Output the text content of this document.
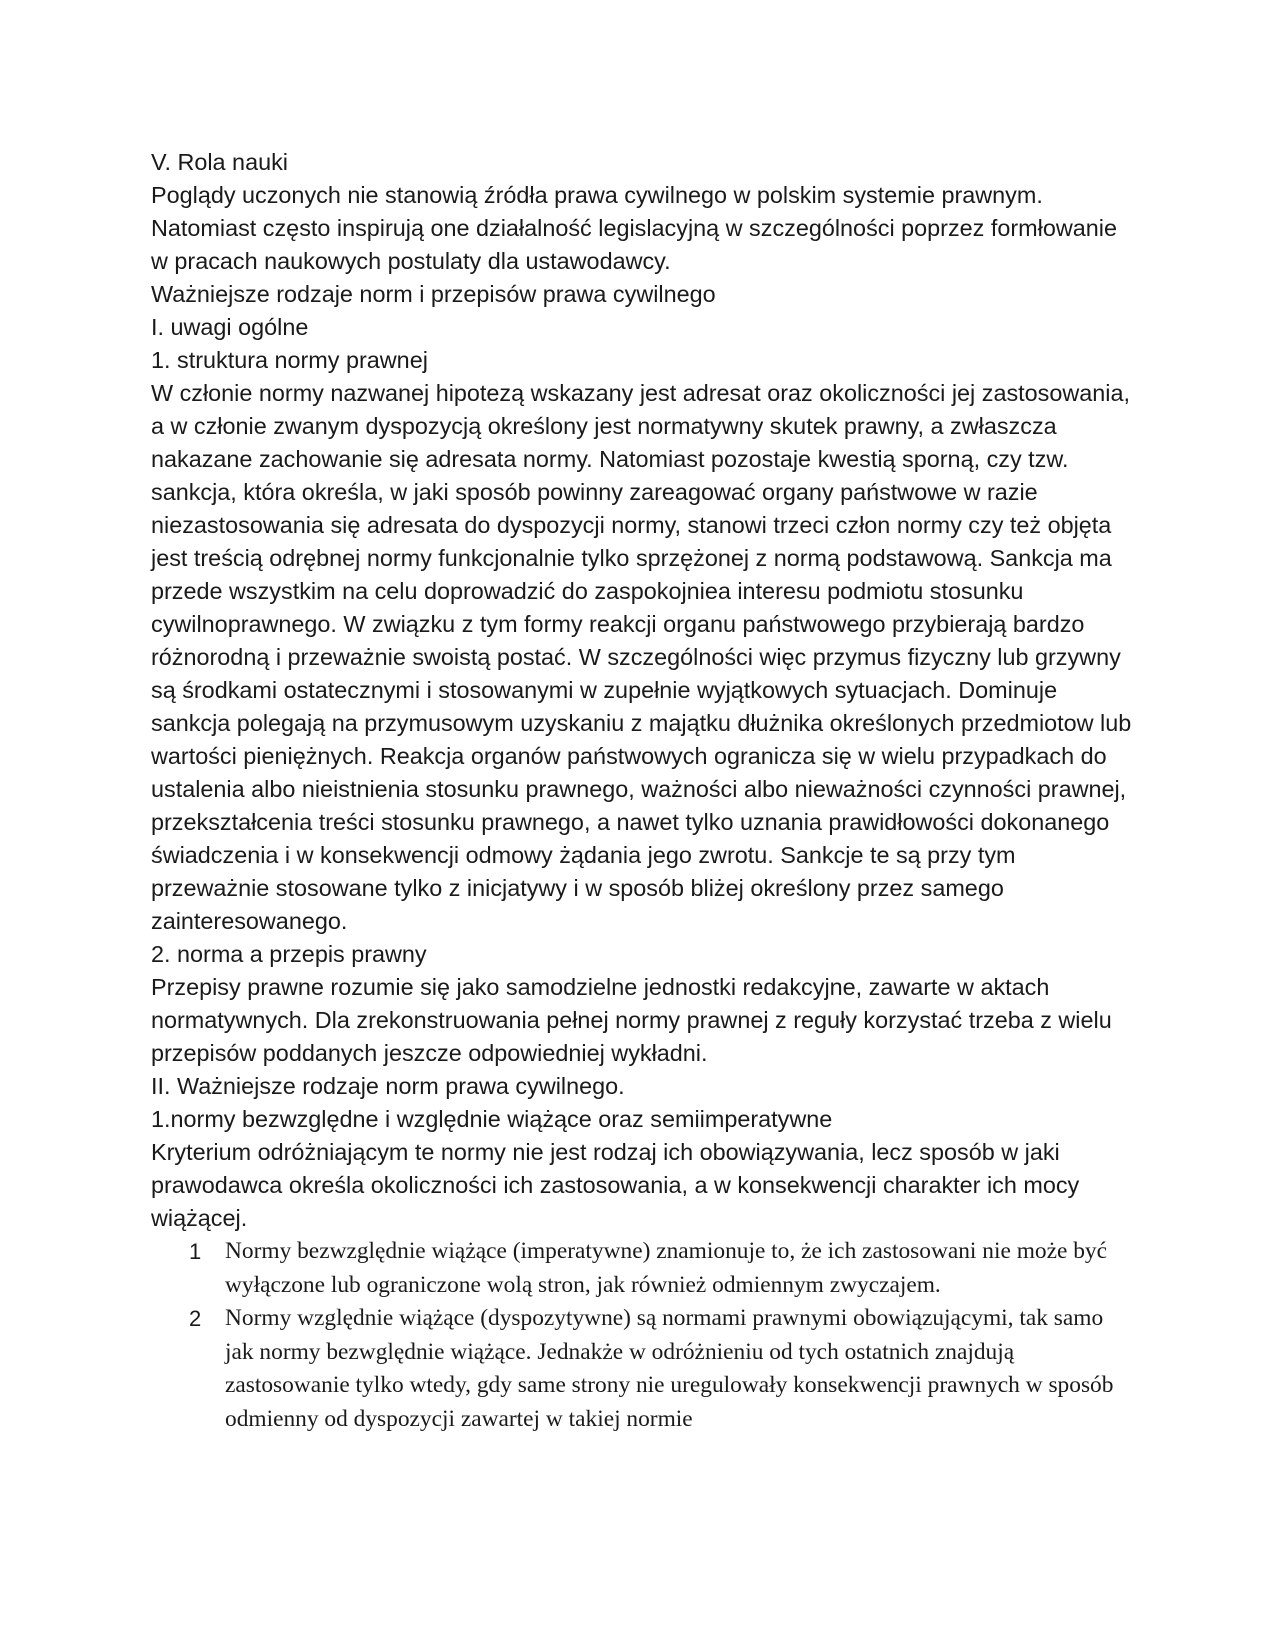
V. Rola nauki

Poglądy uczonych nie stanowią źródła prawa cywilnego w polskim systemie prawnym. Natomiast często inspirują one działalność legislacyjną w szczególności poprzez formłowanie w pracach naukowych postulaty dla ustawodawcy.

Ważniejsze rodzaje norm i przepisów prawa cywilnego

I. uwagi ogólne

1. struktura normy prawnej

W członie normy nazwanej hipotezą wskazany jest adresat oraz okoliczności jej zastosowania, a w członie zwanym dyspozycją określony jest normatywny skutek prawny, a zwłaszcza nakazane zachowanie się adresata normy. Natomiast pozostaje kwestią sporną, czy tzw. sankcja, która określa, w jaki sposób powinny zareagować organy państwowe w razie niezastosowania się adresata do dyspozycji normy, stanowi trzeci człon normy czy też objęta jest treścią odrębnej normy funkcjonalnie tylko sprzężonej z normą podstawową. Sankcja ma przede wszystkim na celu doprowadzić do zaspokojniea interesu podmiotu stosunku cywilnoprawnego. W związku z tym formy reakcji organu państwowego przybierają bardzo różnorodną i przeważnie swoistą postać. W szczególności więc przymus fizyczny lub grzywny są środkami ostatecznymi i stosowanymi w zupełnie wyjątkowych sytuacjach. Dominuje sankcja polegają na przymusowym uzyskaniu z majątku dłużnika określonych przedmiotow lub wartości pieniężnych. Reakcja organów państwowych ogranicza się w wielu przypadkach do ustalenia albo nieistnienia stosunku prawnego, ważności albo nieważności czynności prawnej, przekształcenia treści stosunku prawnego, a nawet tylko uznania prawidłowości dokonanego świadczenia i w konsekwencji odmowy żądania jego zwrotu. Sankcje te są przy tym przeważnie stosowane tylko z inicjatywy i w sposób bliżej określony przez samego zainteresowanego.

2. norma a przepis prawny

Przepisy prawne rozumie się jako samodzielne jednostki redakcyjne, zawarte w aktach normatywnych. Dla zrekonstruowania pełnej normy prawnej z reguły korzystać trzeba z wielu przepisów poddanych jeszcze odpowiedniej wykładni.

II. Ważniejsze rodzaje norm prawa cywilnego.

1.normy bezwzględne i względnie wiążące oraz semiimperatywne

Kryterium odróżniającym te normy nie jest rodzaj ich obowiązywania, lecz sposób w jaki prawodawca określa okoliczności ich zastosowania, a w konsekwencji charakter ich mocy wiążącej.

1 Normy bezwzględnie wiążące (imperatywne) znamionuje to, że ich zastosowani nie może być wyłączone lub ograniczone wolą stron, jak również odmiennym zwyczajem.
2 Normy względnie wiążące (dyspozytywne) są normami prawnymi obowiązującymi, tak samo jak normy bezwględnie wiążące. Jednakże w odróżnieniu od tych ostatnich znajdują zastosowanie tylko wtedy, gdy same strony nie uregulowały konsekwencji prawnych w sposób odmienny od dyspozycji zawartej w takiej normie
